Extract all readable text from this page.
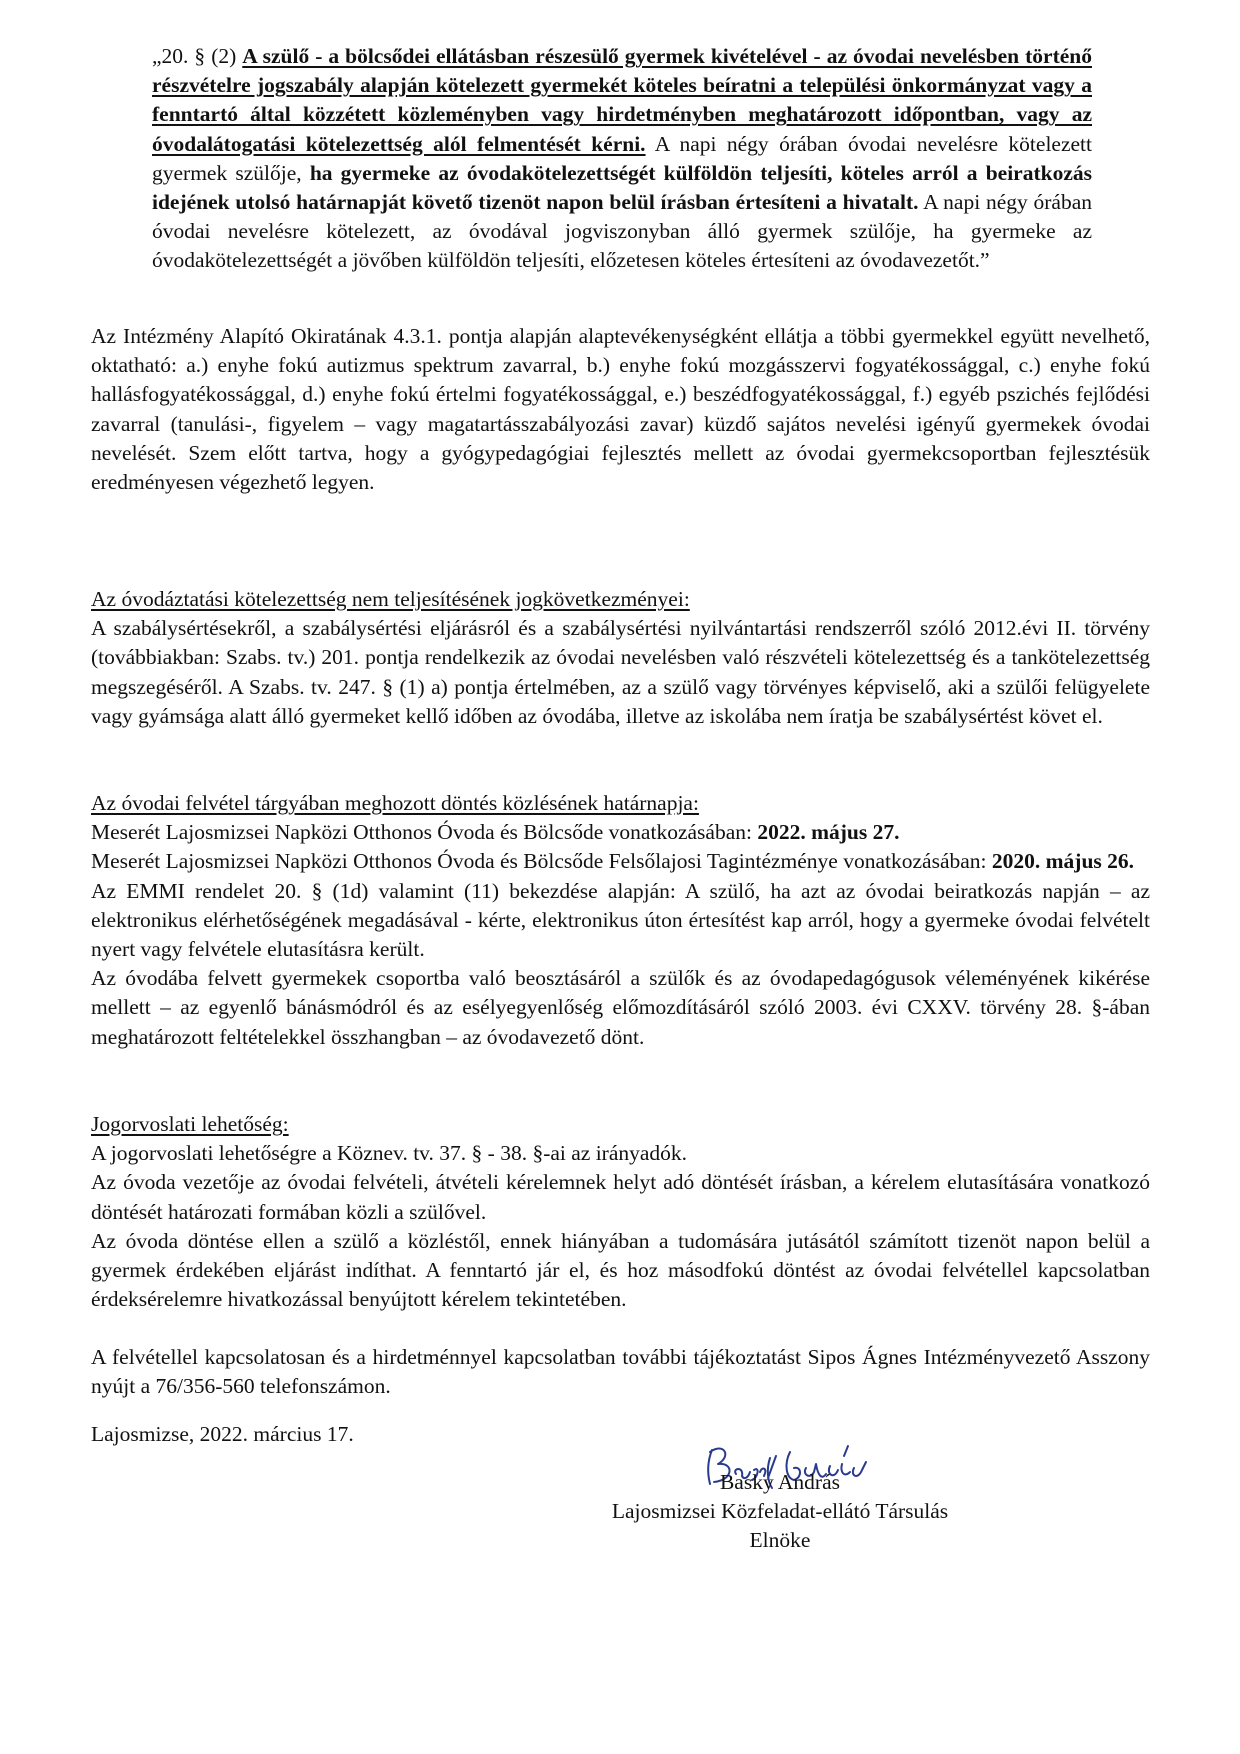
„20. § (2) A szülő - a bölcsődei ellátásban részesülő gyermek kivételével - az óvodai nevelésben történő részvételre jogszabály alapján kötelezett gyermekét köteles beíratni a települési önkormányzat vagy a fenntartó által közzétett közleményben vagy hirdetményben meghatározott időpontban, vagy az óvodalátogatási kötelezettség alól felmentését kérni. A napi négy órában óvodai nevelésre kötelezett gyermek szülője, ha gyermeke az óvodakötelezettségét külföldön teljesíti, köteles arról a beiratkozás idejének utolsó határnapját követő tizenöt napon belül írásban értesíteni a hivatalt. A napi négy órában óvodai nevelésre kötelezett, az óvodával jogviszonyban álló gyermek szülője, ha gyermeke az óvodakötelezettségét a jövőben külföldön teljesíti, előzetesen köteles értesíteni az óvodavezetőt.”

Az Intézmény Alapító Okiratának 4.3.1. pontja alapján alaptevékenységként ellátja a többi gyermekkel együtt nevelhető, oktatható: a.) enyhe fokú autizmus spektrum zavarral, b.) enyhe fokú mozgásszervi fogyatékossággal, c.) enyhe fokú hallásfogyatékossággal, d.) enyhe fokú értelmi fogyatékossággal, e.) beszédfogyatékossággal, f.) egyéb pszichés fejlődési zavarral (tanulási-, figyelem – vagy magatartásszabályozási zavar) küzdő sajátos nevelési igényű gyermekek óvodai nevelését. Szem előtt tartva, hogy a gyógypedagógiai fejlesztés mellett az óvodai gyermekcsoportban fejlesztésük eredményesen végezhető legyen.

Az óvodáztatási kötelezettség nem teljesítésének jogkövetkezményei:

A szabálysértésekről, a szabálysértési eljárásról és a szabálysértési nyilvántartási rendszerről szóló 2012.évi II. törvény (továbbiakban: Szabs. tv.) 201. pontja rendelkezik az óvodai nevelésben való részvételi kötelezettség és a tankötelezettség megszegéséről. A Szabs. tv. 247. § (1) a) pontja értelmében, az a szülő vagy törvényes képviselő, aki a szülői felügyelete vagy gyámsága alatt álló gyermeket kellő időben az óvodába, illetve az iskolába nem íratja be szabálysértést követ el.

Az óvodai felvétel tárgyában meghozott döntés közlésének határnapja:

Meserét Lajosmizsei Napközi Otthonos Óvoda és Bölcsőde vonatkozásában: 2022. május 27.

Meserét Lajosmizsei Napközi Otthonos Óvoda és Bölcsőde Felsőlajosi Tagintézménye vonatkozásában: 2020. május 26.

Az EMMI rendelet 20. § (1d) valamint (11) bekezdése alapján: A szülő, ha azt az óvodai beiratkozás napján – az elektronikus elérhetőségének megadásával - kérte, elektronikus úton értesítést kap arról, hogy a gyermeke óvodai felvételt nyert vagy felvétele elutasításra került.

Az óvodába felvett gyermekek csoportba való beosztásáról a szülők és az óvodapedagógusok véleményének kikérése mellett – az egyenlő bánásmódról és az esélyegyenlőség előmozdításáról szóló 2003. évi CXXV. törvény 28. §-ában meghatározott feltételekkel összhangban – az óvodavezető dönt.

Jogorvoslati lehetőség:

A jogorvoslati lehetőségre a Köznev. tv. 37. § - 38. §-ai az irányadók.

Az óvoda vezetője az óvodai felvételi, átvételi kérelemnek helyt adó döntését írásban, a kérelem elutasítására vonatkozó döntését határozati formában közli a szülővel.

Az óvoda döntése ellen a szülő a közléstől, ennek hiányában a tudomására jutásától számított tizenöt napon belül a gyermek érdekében eljárást indíthat. A fenntartó jár el, és hoz másodfokú döntést az óvodai felvétellel kapcsolatban érdeksérelemre hivatkozással benyújtott kérelem tekintetében.

A felvétellel kapcsolatosan és a hirdetménnyel kapcsolatban további tájékoztatást Sipos Ágnes Intézményvezető Asszony nyújt a 76/356-560 telefonszámon.

Lajosmizse, 2022. március 17.

Basky András
Lajosmizsei Közfeladat-ellátó Társulás
Elnöke
